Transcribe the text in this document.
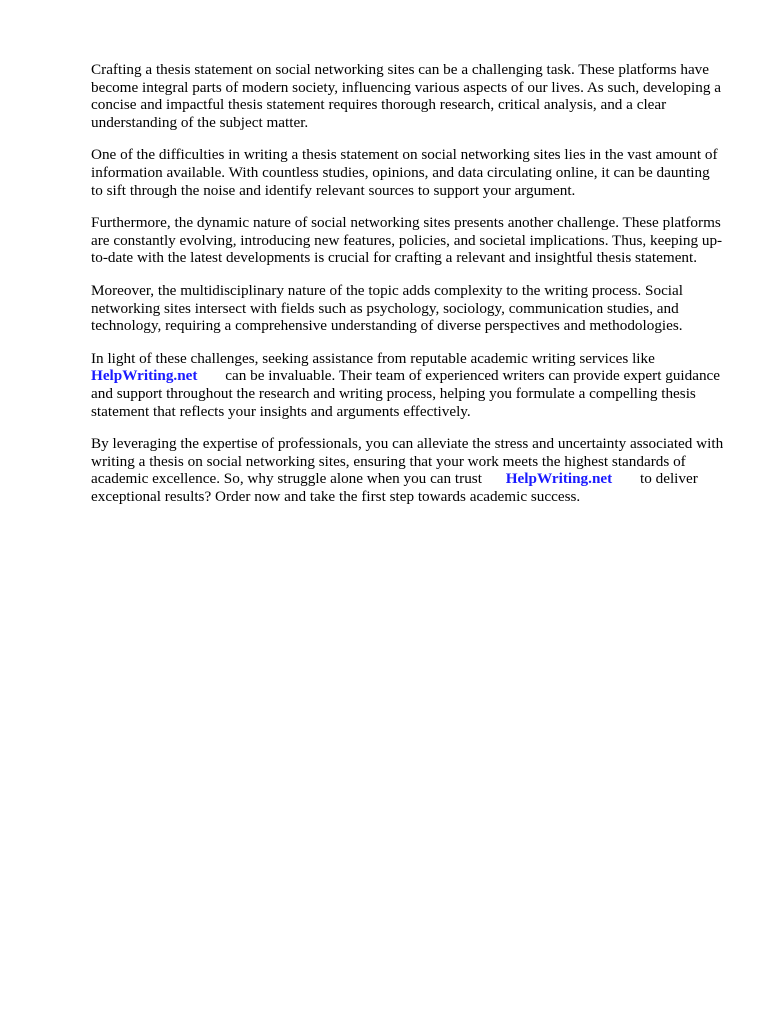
Crafting a thesis statement on social networking sites can be a challenging task. These platforms have become integral parts of modern society, influencing various aspects of our lives. As such, developing a concise and impactful thesis statement requires thorough research, critical analysis, and a clear understanding of the subject matter.

One of the difficulties in writing a thesis statement on social networking sites lies in the vast amount of information available. With countless studies, opinions, and data circulating online, it can be daunting to sift through the noise and identify relevant sources to support your argument.

Furthermore, the dynamic nature of social networking sites presents another challenge. These platforms are constantly evolving, introducing new features, policies, and societal implications. Thus, keeping up-to-date with the latest developments is crucial for crafting a relevant and insightful thesis statement.

Moreover, the multidisciplinary nature of the topic adds complexity to the writing process. Social networking sites intersect with fields such as psychology, sociology, communication studies, and technology, requiring a comprehensive understanding of diverse perspectives and methodologies.

In light of these challenges, seeking assistance from reputable academic writing services like HelpWriting.net can be invaluable. Their team of experienced writers can provide expert guidance and support throughout the research and writing process, helping you formulate a compelling thesis statement that reflects your insights and arguments effectively.

By leveraging the expertise of professionals, you can alleviate the stress and uncertainty associated with writing a thesis on social networking sites, ensuring that your work meets the highest standards of academic excellence. So, why struggle alone when you can trust HelpWriting.net to deliver exceptional results? Order now and take the first step towards academic success.
